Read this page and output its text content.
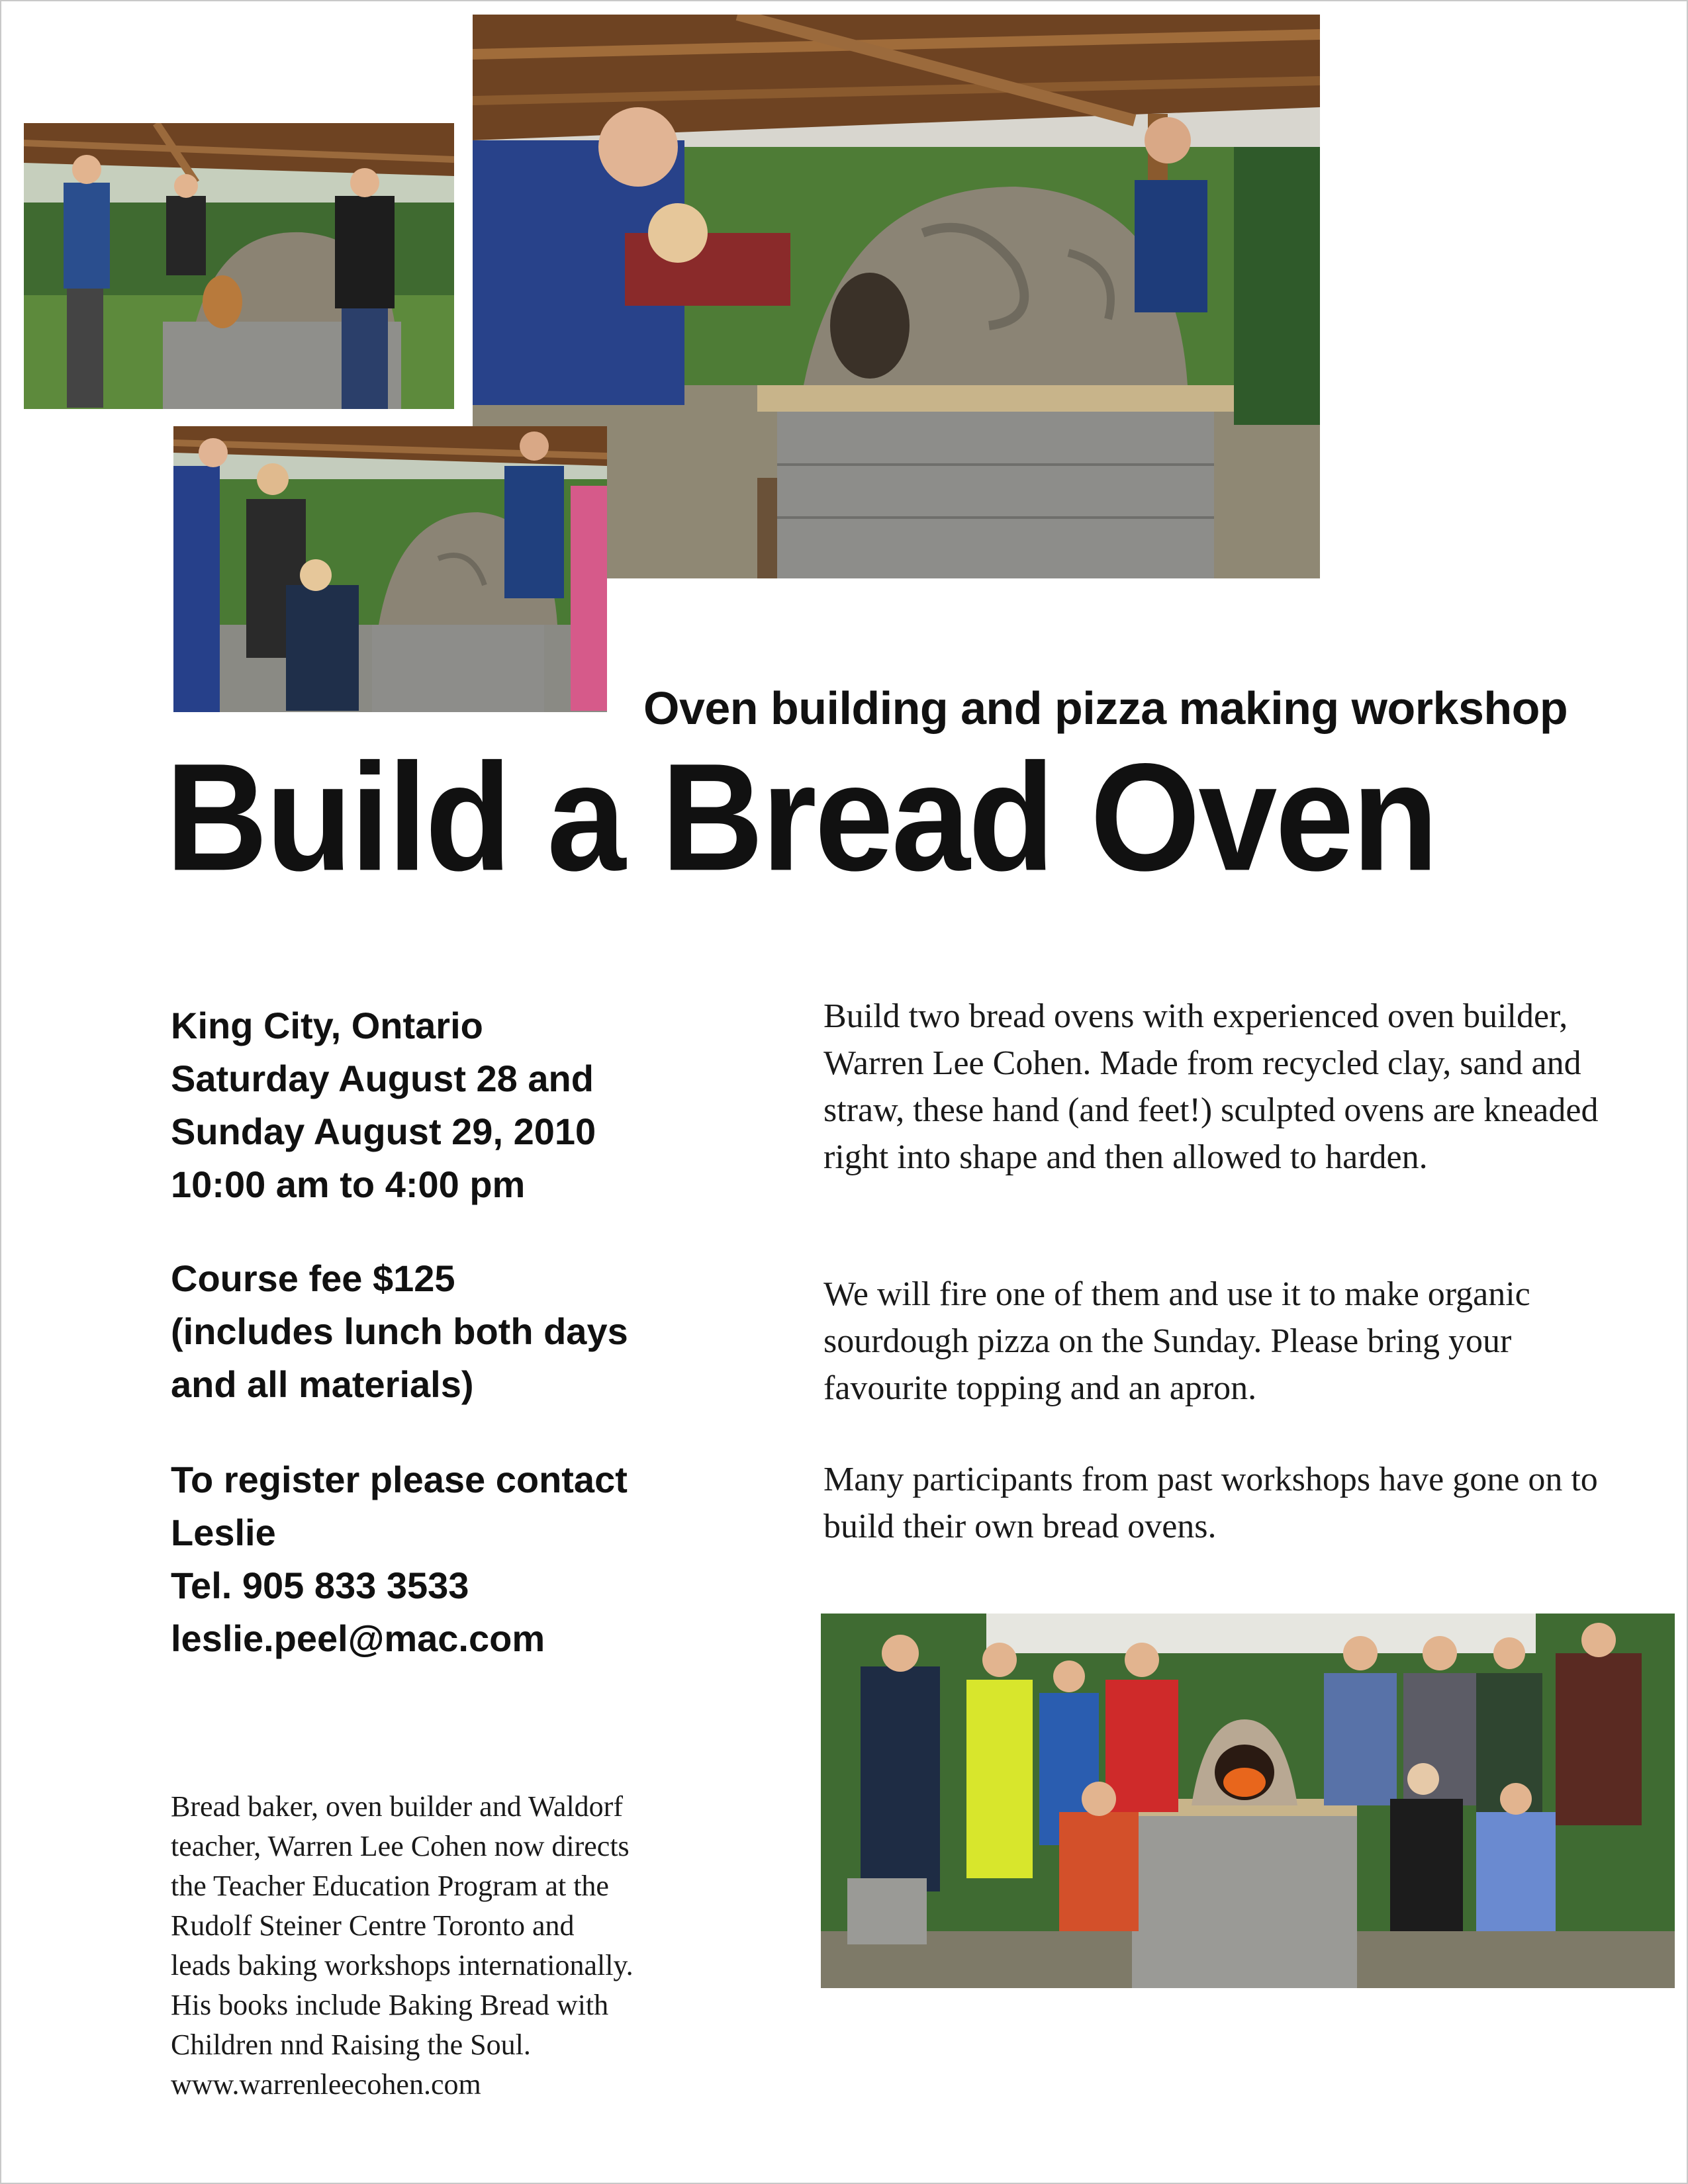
Oven building and pizza making workshop
Build a Bread Oven
King City, Ontario
Saturday August 28 and
Sunday August 29, 2010
10:00 am to 4:00 pm
Course fee $125
(includes lunch both days
and all materials)
To register please contact
Leslie
Tel. 905 833 3533
leslie.peel@mac.com

Build two bread ovens with experienced oven builder, Warren Lee Cohen. Made from recycled clay, sand and straw, these hand (and feet!) sculpted ovens are kneaded right into shape and then allowed to harden.

We will fire one of them and use it to make organic sourdough pizza on the Sunday. Please bring your favourite topping and an apron.

Many participants from past workshops have gone on to build their own bread ovens.

Bread baker, oven builder and Waldorf
teacher, Warren Lee Cohen now directs
the Teacher Education Program at the
Rudolf Steiner Centre Toronto and
leads baking workshops internationally.
His books include Baking Bread with
Children nnd Raising the Soul.
www.warrenleecohen.com
